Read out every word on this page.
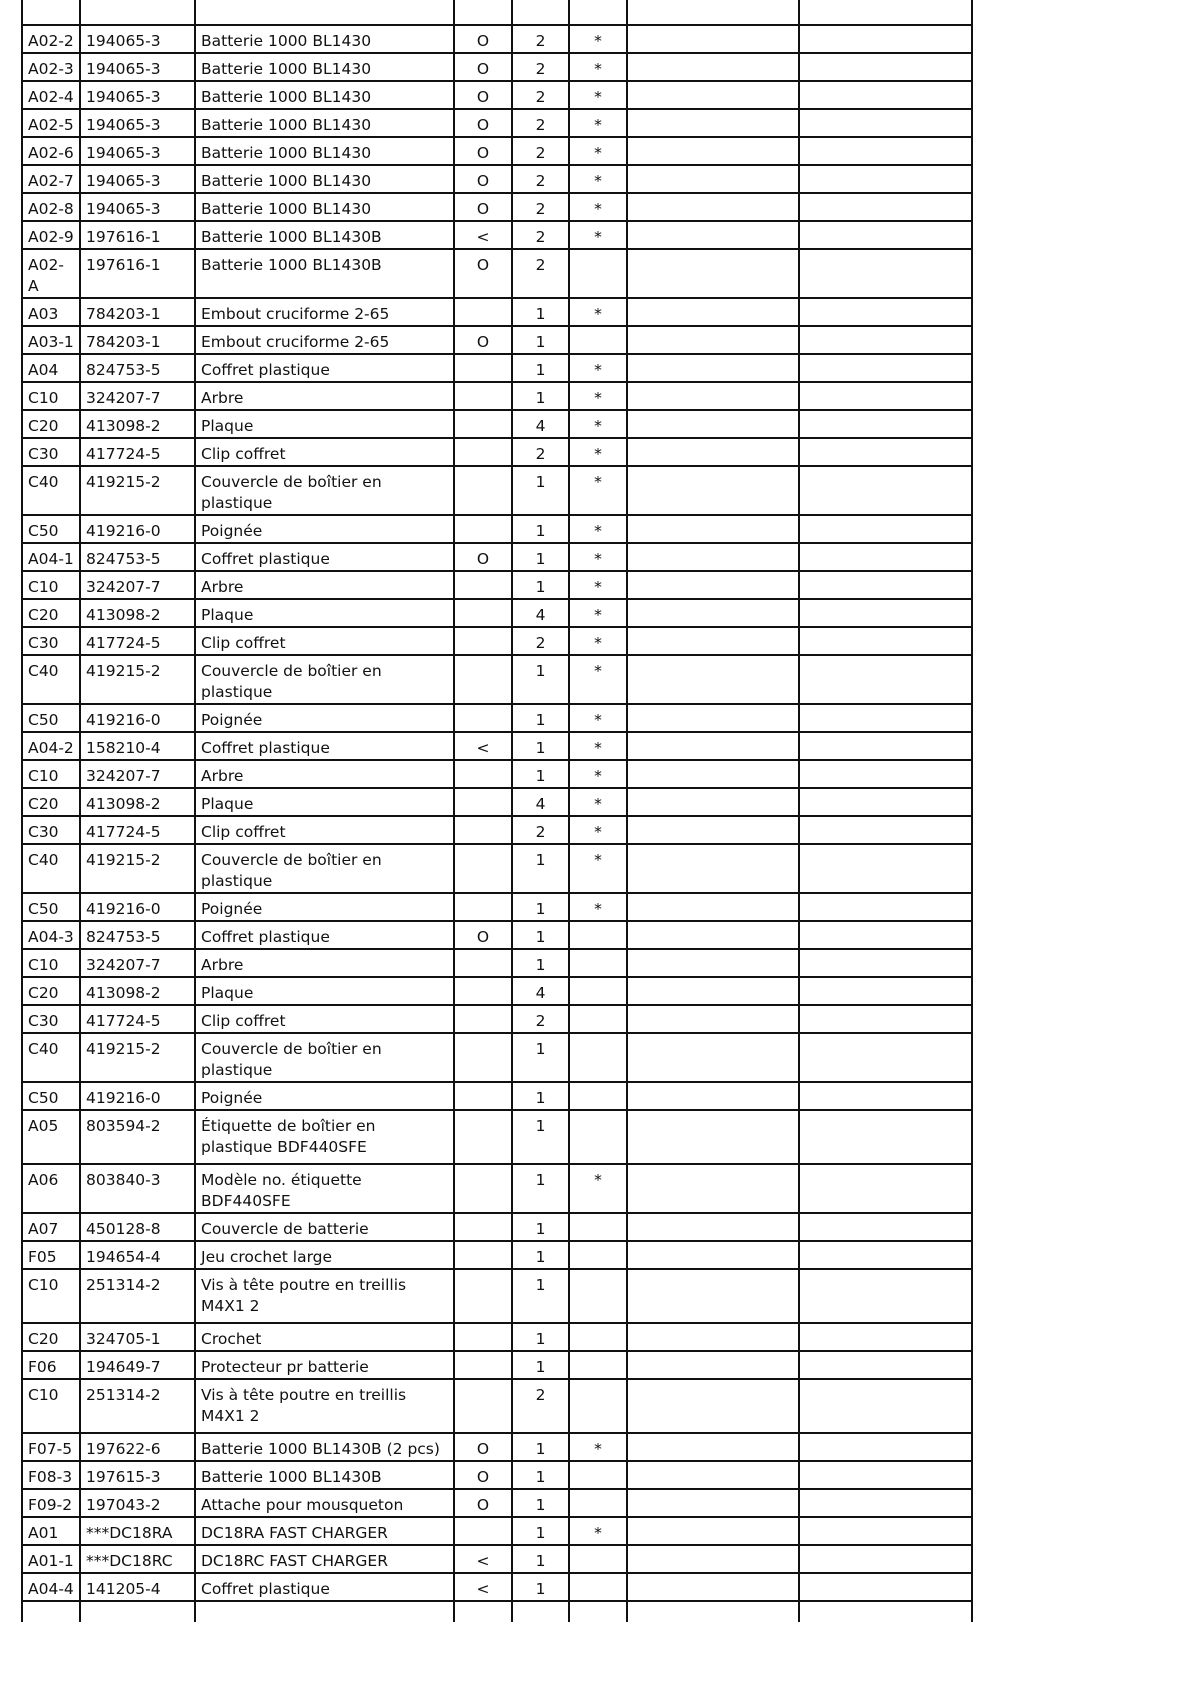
A02-2	194065-3	Batterie 1000 BL1430	O	2	*		
A02-3	194065-3	Batterie 1000 BL1430	O	2	*		
A02-4	194065-3	Batterie 1000 BL1430	O	2	*		
A02-5	194065-3	Batterie 1000 BL1430	O	2	*		
A02-6	194065-3	Batterie 1000 BL1430	O	2	*		
A02-7	194065-3	Batterie 1000 BL1430	O	2	*		
A02-8	194065-3	Batterie 1000 BL1430	O	2	*		
A02-9	197616-1	Batterie 1000 BL1430B	<	2	*		
A02-A	197616-1	Batterie 1000 BL1430B	O	2			
A03	784203-1	Embout cruciforme 2-65		1	*		
A03-1	784203-1	Embout cruciforme 2-65	O	1			
A04	824753-5	Coffret plastique		1	*		
C10	324207-7	Arbre		1	*		
C20	413098-2	Plaque		4	*		
C30	417724-5	Clip coffret		2	*		
C40	419215-2	Couvercle de boîtier en plastique		1	*		
C50	419216-0	Poignée		1	*		
A04-1	824753-5	Coffret plastique	O	1	*		
C10	324207-7	Arbre		1	*		
C20	413098-2	Plaque		4	*		
C30	417724-5	Clip coffret		2	*		
C40	419215-2	Couvercle de boîtier en plastique		1	*		
C50	419216-0	Poignée		1	*		
A04-2	158210-4	Coffret plastique	<	1	*		
C10	324207-7	Arbre		1	*		
C20	413098-2	Plaque		4	*		
C30	417724-5	Clip coffret		2	*		
C40	419215-2	Couvercle de boîtier en plastique		1	*		
C50	419216-0	Poignée		1	*		
A04-3	824753-5	Coffret plastique	O	1			
C10	324207-7	Arbre		1			
C20	413098-2	Plaque		4			
C30	417724-5	Clip coffret		2			
C40	419215-2	Couvercle de boîtier en plastique		1			
C50	419216-0	Poignée		1			
A05	803594-2	Étiquette de boîtier en plastique BDF440SFE		1			
A06	803840-3	Modèle no. étiquette BDF440SFE		1	*		
A07	450128-8	Couvercle de batterie		1			
F05	194654-4	Jeu crochet large		1			
C10	251314-2	Vis à tête poutre en treillis M4X1 2		1			
C20	324705-1	Crochet		1			
F06	194649-7	Protecteur pr batterie		1			
C10	251314-2	Vis à tête poutre en treillis M4X1 2		2			
F07-5	197622-6	Batterie 1000 BL1430B (2 pcs)	O	1	*		
F08-3	197615-3	Batterie 1000 BL1430B	O	1			
F09-2	197043-2	Attache pour mousqueton	O	1			
A01	***DC18RA	DC18RA FAST CHARGER		1	*		
A01-1	***DC18RC	DC18RC FAST CHARGER	<	1			
A04-4	141205-4	Coffret plastique	<	1			
